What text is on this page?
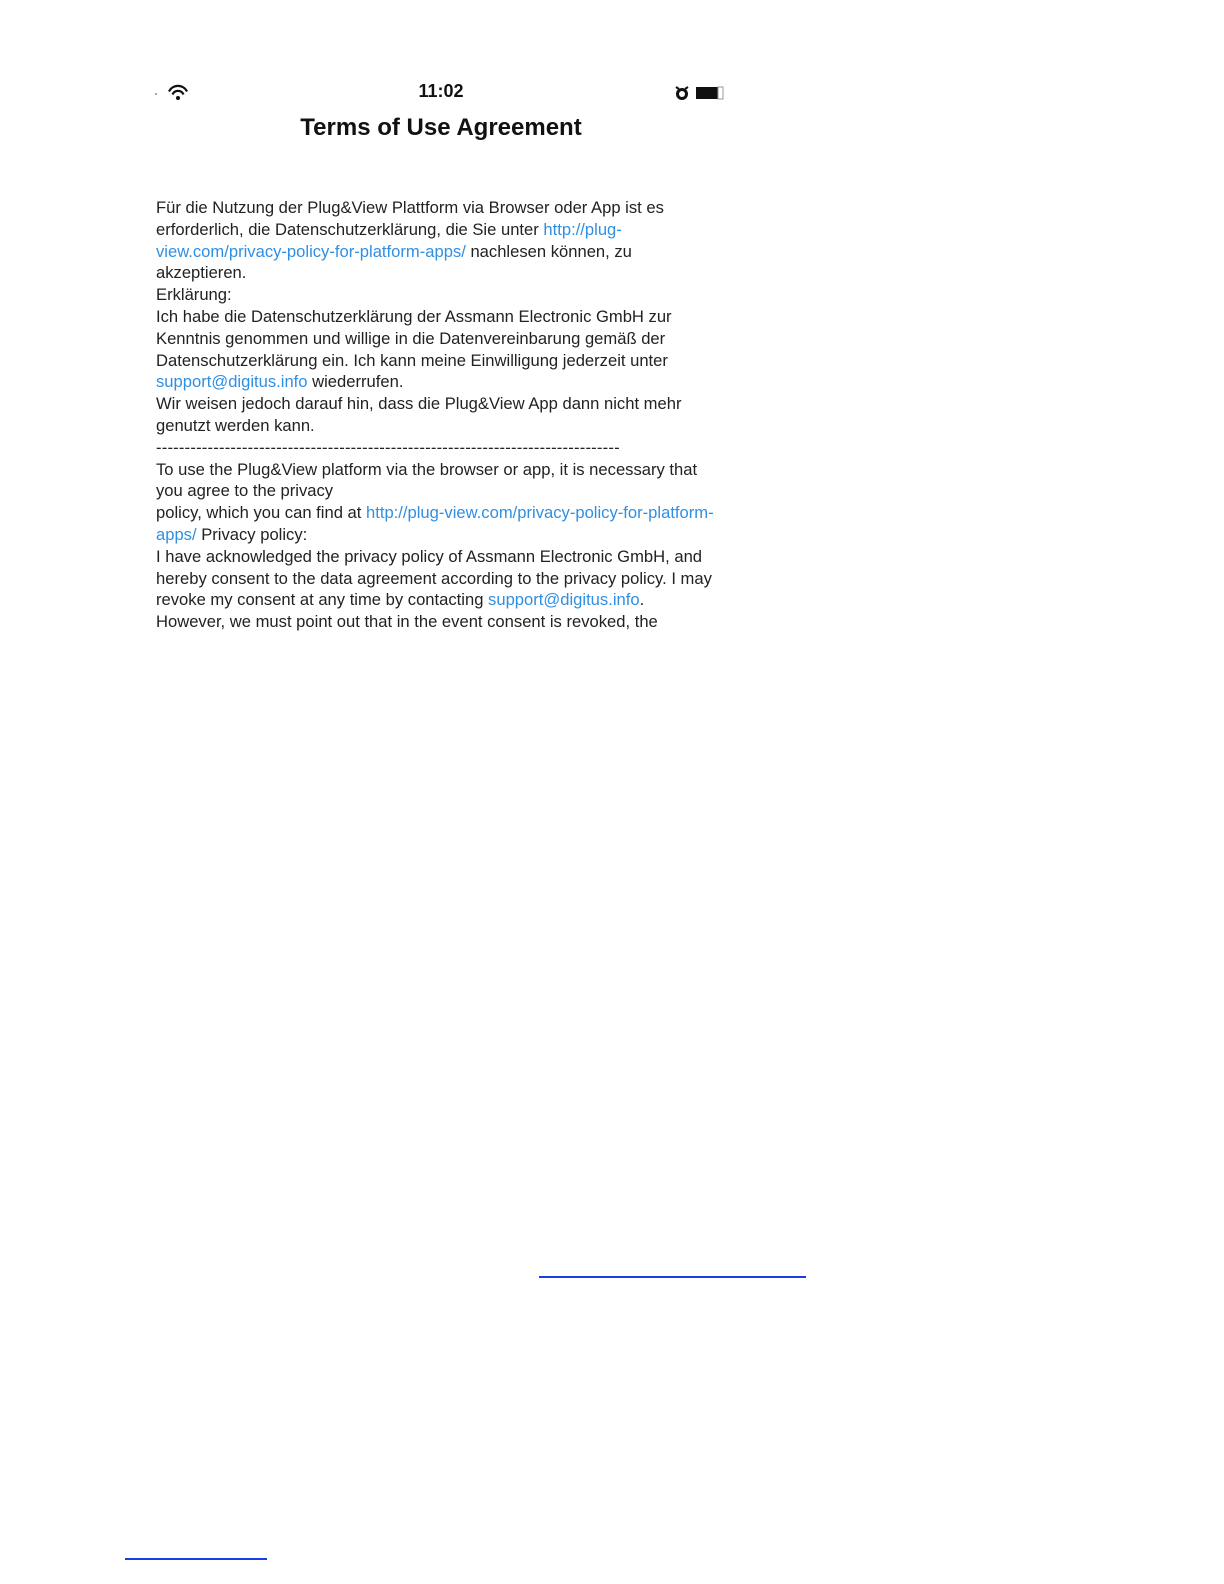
11:02
Terms of Use Agreement

Für die Nutzung der Plug&View Plattform via Browser oder App ist es erforderlich, die Datenschutzerklärung, die Sie unter http://plug-view.com/privacy-policy-for-platform-apps/ nachlesen können, zu akzeptieren.

Erklärung:

Ich habe die Datenschutzerklärung der Assmann Electronic GmbH zur Kenntnis genommen und willige in die Datenvereinbarung gemäß der Datenschutzerklärung ein. Ich kann meine Einwilligung jederzeit unter support@digitus.info wiederrufen.

Wir weisen jedoch darauf hin, dass die Plug&View App dann nicht mehr genutzt werden kann.

---------------------------------------------------------------------------------

To use the Plug&View platform via the browser or app, it is necessary that you agree to the privacy

policy, which you can find at http://plug-view.com/privacy-policy-for-platform-apps/ Privacy policy:

I have acknowledged the privacy policy of Assmann Electronic GmbH, and hereby consent to the data agreement according to the privacy policy. I may revoke my consent at any time by contacting support@digitus.info.

However, we must point out that in the event consent is revoked, the
